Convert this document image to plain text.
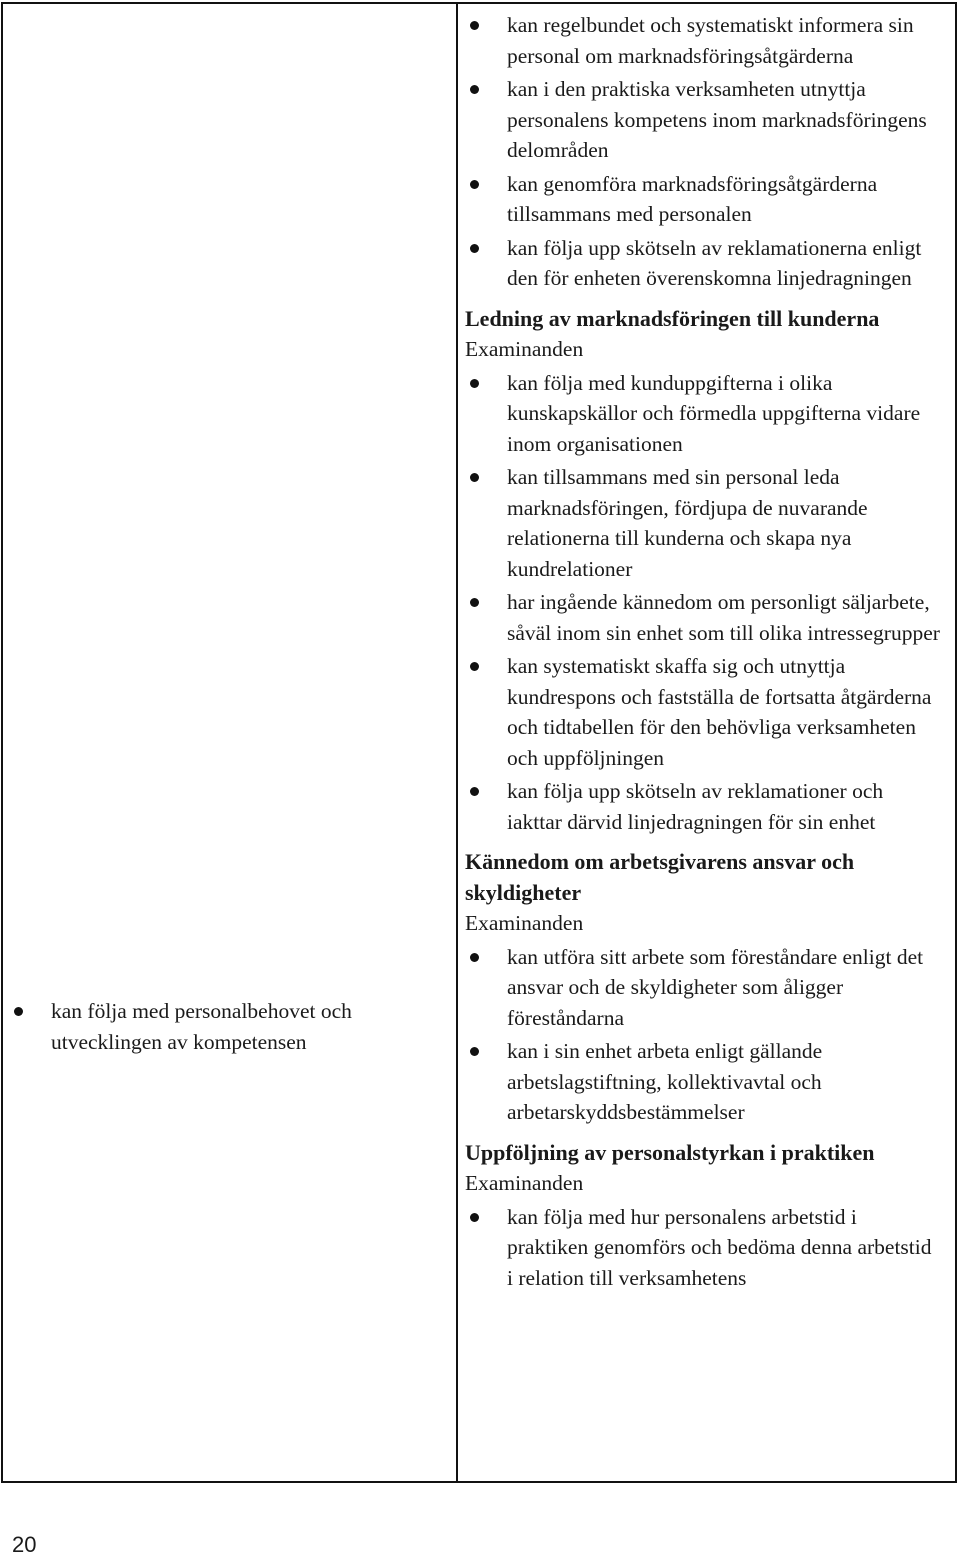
kan följa med personalbehovet och utvecklingen av kompetensen
kan regelbundet och systematiskt informera sin personal om marknadsföringsåtgärderna
kan i den praktiska verksamheten utnyttja personalens kompetens inom marknadsföringens delområden
kan genomföra marknadsföringsåtgärderna tillsammans med personalen
kan följa upp skötseln av reklamationerna enligt den för enheten överenskomna linjedragningen
Ledning av marknadsföringen till kunderna
Examinanden
kan följa med kunduppgifterna i olika kunskapskällor och förmedla uppgifterna vidare inom organisationen
kan tillsammans med sin personal leda marknadsföringen, fördjupa de nuvarande relationerna till kunderna och skapa nya kundrelationer
har ingående kännedom om personligt säljarbete, såväl inom sin enhet som till olika intressegrupper
kan systematiskt skaffa sig och utnyttja kundrespons och fastställa de fortsatta åtgärderna och tidtabellen för den behövliga verksamheten och uppföljningen
kan följa upp skötseln av reklamationer och iakttar därvid linjedragningen för sin enhet
Kännedom om arbetsgivarens ansvar och skyldigheter
Examinanden
kan utföra sitt arbete som föreståndare enligt det ansvar och de skyldigheter som åligger föreståndarna
kan i sin enhet arbeta enligt gällande arbetslagstiftning, kollektivavtal och arbetarskyddsbestämmelser
Uppföljning av personalstyrkan i praktiken
Examinanden
kan följa med hur personalens arbetstid i praktiken genomförs och bedöma denna arbetstid i relation till verksamhetens
20
